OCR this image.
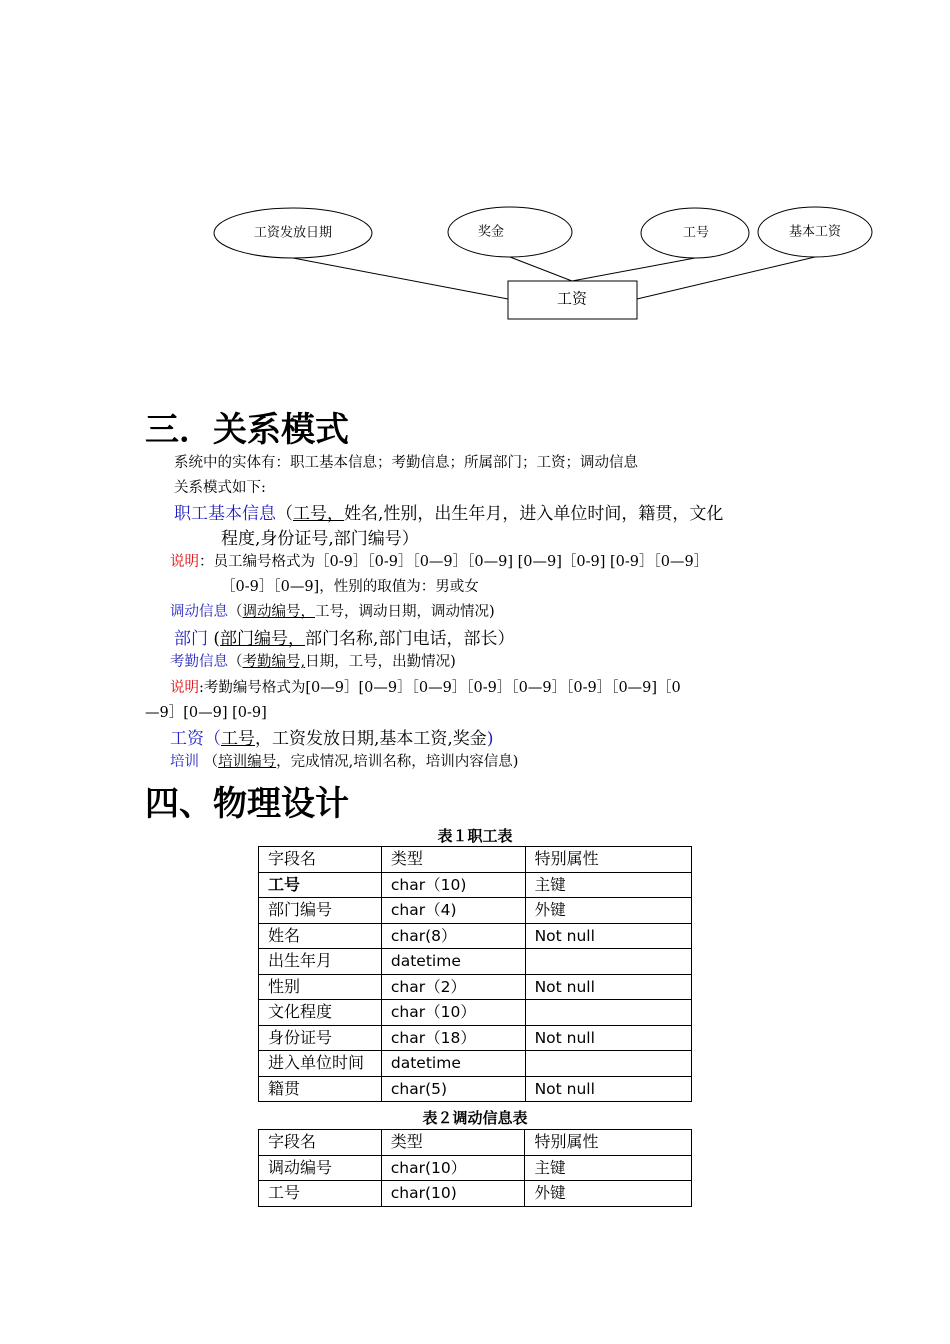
工资发放日期	奖金	工号	基本工资
工资
三．关系模式
系统中的实体有：职工基本信息；考勤信息；所属部门；工资；调动信息
关系模式如下:
职工基本信息（工号，姓名,性别，出生年月，进入单位时间，籍贯，文化
程度,身份证号,部门编号）
说明：员工编号格式为［0-9］［0-9］［0—9］［0—9] [0—9]［0-9] [0-9］［0—9］
［0-9］［0—9]，性别的取值为：男或女
调动信息（调动编号，工号，调动日期，调动情况)
部门 (部门编号，部门名称,部门电话，部长）
考勤信息（考勤编号,日期，工号，出勤情况)
说明:考勤编号格式为[0—9］[0—9］［0—9］［0-9］［0—9］［0-9］［0—9]［0
—9］[0—9] [0-9]
工资（工号，工资发放日期,基本工资,奖金)
培训 （培训编号，完成情况,培训名称，培训内容信息)
四、物理设计
表１职工表
字段名	类型	特别属性
工号	char（10)	主键
部门编号	char（4)	外键
姓名	char(8）	Not null
出生年月	datetime	
性别	char（2）	Not null
文化程度	char（10）	
身份证号	char（18）	Not null
进入单位时间	datetime	
籍贯	char(5)	Not null
表２调动信息表
字段名	类型	特别属性
调动编号	char(10）	主键
工号	char(10)	外键
